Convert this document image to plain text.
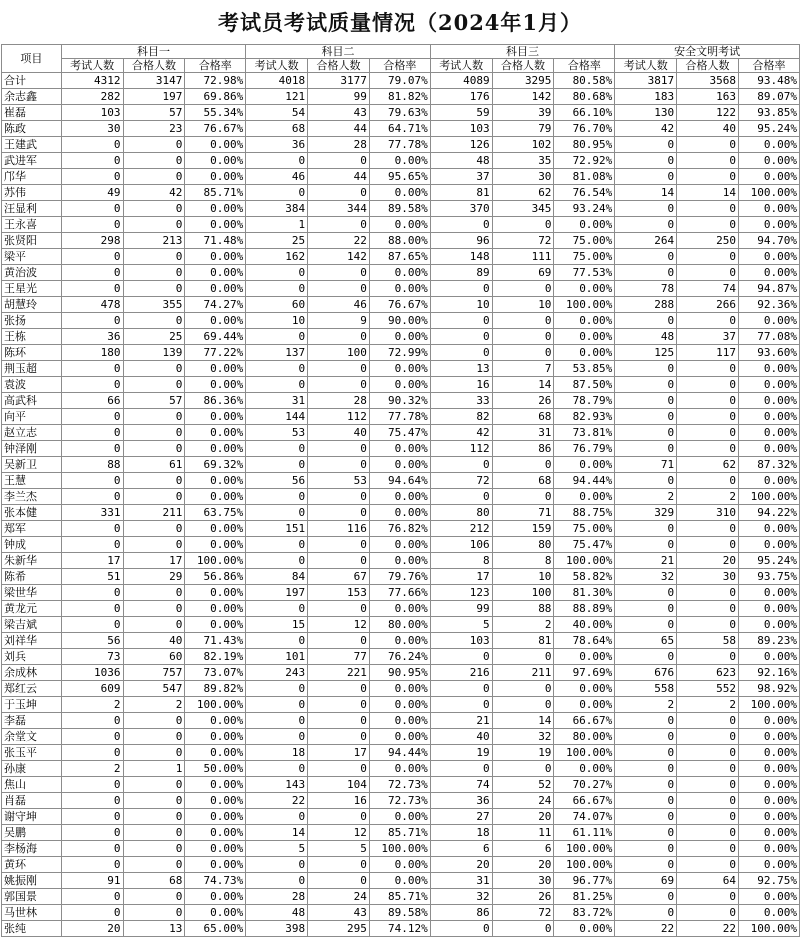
考试员考试质量情况（2024年1月）
项目	科目一			科目二			科目三			安全文明考试		
	考试人数	合格人数	合格率	考试人数	合格人数	合格率	考试人数	合格人数	合格率	考试人数	合格人数	合格率
合计	4312	3147	72.98%	4018	3177	79.07%	4089	3295	80.58%	3817	3568	93.48%
余志鑫	282	197	69.86%	121	99	81.82%	176	142	80.68%	183	163	89.07%
崔磊	103	57	55.34%	54	43	79.63%	59	39	66.10%	130	122	93.85%
陈政	30	23	76.67%	68	44	64.71%	103	79	76.70%	42	40	95.24%
王建武	0	0	0.00%	36	28	77.78%	126	102	80.95%	0	0	0.00%
武进军	0	0	0.00%	0	0	0.00%	48	35	72.92%	0	0	0.00%
邝华	0	0	0.00%	46	44	95.65%	37	30	81.08%	0	0	0.00%
苏伟	49	42	85.71%	0	0	0.00%	81	62	76.54%	14	14	100.00%
汪显利	0	0	0.00%	384	344	89.58%	370	345	93.24%	0	0	0.00%
王永喜	0	0	0.00%	1	0	0.00%	0	0	0.00%	0	0	0.00%
张贤阳	298	213	71.48%	25	22	88.00%	96	72	75.00%	264	250	94.70%
梁平	0	0	0.00%	162	142	87.65%	148	111	75.00%	0	0	0.00%
黄治波	0	0	0.00%	0	0	0.00%	89	69	77.53%	0	0	0.00%
王星光	0	0	0.00%	0	0	0.00%	0	0	0.00%	78	74	94.87%
胡慧玲	478	355	74.27%	60	46	76.67%	10	10	100.00%	288	266	92.36%
张扬	0	0	0.00%	10	9	90.00%	0	0	0.00%	0	0	0.00%
王栋	36	25	69.44%	0	0	0.00%	0	0	0.00%	48	37	77.08%
陈环	180	139	77.22%	137	100	72.99%	0	0	0.00%	125	117	93.60%
荆玉超	0	0	0.00%	0	0	0.00%	13	7	53.85%	0	0	0.00%
袁波	0	0	0.00%	0	0	0.00%	16	14	87.50%	0	0	0.00%
高武科	66	57	86.36%	31	28	90.32%	33	26	78.79%	0	0	0.00%
向平	0	0	0.00%	144	112	77.78%	82	68	82.93%	0	0	0.00%
赵立志	0	0	0.00%	53	40	75.47%	42	31	73.81%	0	0	0.00%
钟泽刚	0	0	0.00%	0	0	0.00%	112	86	76.79%	0	0	0.00%
吴新卫	88	61	69.32%	0	0	0.00%	0	0	0.00%	71	62	87.32%
王慧	0	0	0.00%	56	53	94.64%	72	68	94.44%	0	0	0.00%
李兰杰	0	0	0.00%	0	0	0.00%	0	0	0.00%	2	2	100.00%
张本健	331	211	63.75%	0	0	0.00%	80	71	88.75%	329	310	94.22%
郑军	0	0	0.00%	151	116	76.82%	212	159	75.00%	0	0	0.00%
钟成	0	0	0.00%	0	0	0.00%	106	80	75.47%	0	0	0.00%
朱新华	17	17	100.00%	0	0	0.00%	8	8	100.00%	21	20	95.24%
陈希	51	29	56.86%	84	67	79.76%	17	10	58.82%	32	30	93.75%
梁世华	0	0	0.00%	197	153	77.66%	123	100	81.30%	0	0	0.00%
黄龙元	0	0	0.00%	0	0	0.00%	99	88	88.89%	0	0	0.00%
梁吉斌	0	0	0.00%	15	12	80.00%	5	2	40.00%	0	0	0.00%
刘祥华	56	40	71.43%	0	0	0.00%	103	81	78.64%	65	58	89.23%
刘兵	73	60	82.19%	101	77	76.24%	0	0	0.00%	0	0	0.00%
余成林	1036	757	73.07%	243	221	90.95%	216	211	97.69%	676	623	92.16%
郑红云	609	547	89.82%	0	0	0.00%	0	0	0.00%	558	552	98.92%
于玉坤	2	2	100.00%	0	0	0.00%	0	0	0.00%	2	2	100.00%
李磊	0	0	0.00%	0	0	0.00%	21	14	66.67%	0	0	0.00%
余堂文	0	0	0.00%	0	0	0.00%	40	32	80.00%	0	0	0.00%
张玉平	0	0	0.00%	18	17	94.44%	19	19	100.00%	0	0	0.00%
孙康	2	1	50.00%	0	0	0.00%	0	0	0.00%	0	0	0.00%
焦山	0	0	0.00%	143	104	72.73%	74	52	70.27%	0	0	0.00%
肖磊	0	0	0.00%	22	16	72.73%	36	24	66.67%	0	0	0.00%
谢守坤	0	0	0.00%	0	0	0.00%	27	20	74.07%	0	0	0.00%
吴鹏	0	0	0.00%	14	12	85.71%	18	11	61.11%	0	0	0.00%
李杨海	0	0	0.00%	5	5	100.00%	6	6	100.00%	0	0	0.00%
黄环	0	0	0.00%	0	0	0.00%	20	20	100.00%	0	0	0.00%
姚振刚	91	68	74.73%	0	0	0.00%	31	30	96.77%	69	64	92.75%
郭国景	0	0	0.00%	28	24	85.71%	32	26	81.25%	0	0	0.00%
马世林	0	0	0.00%	48	43	89.58%	86	72	83.72%	0	0	0.00%
张纯	20	13	65.00%	398	295	74.12%	0	0	0.00%	22	22	100.00%
